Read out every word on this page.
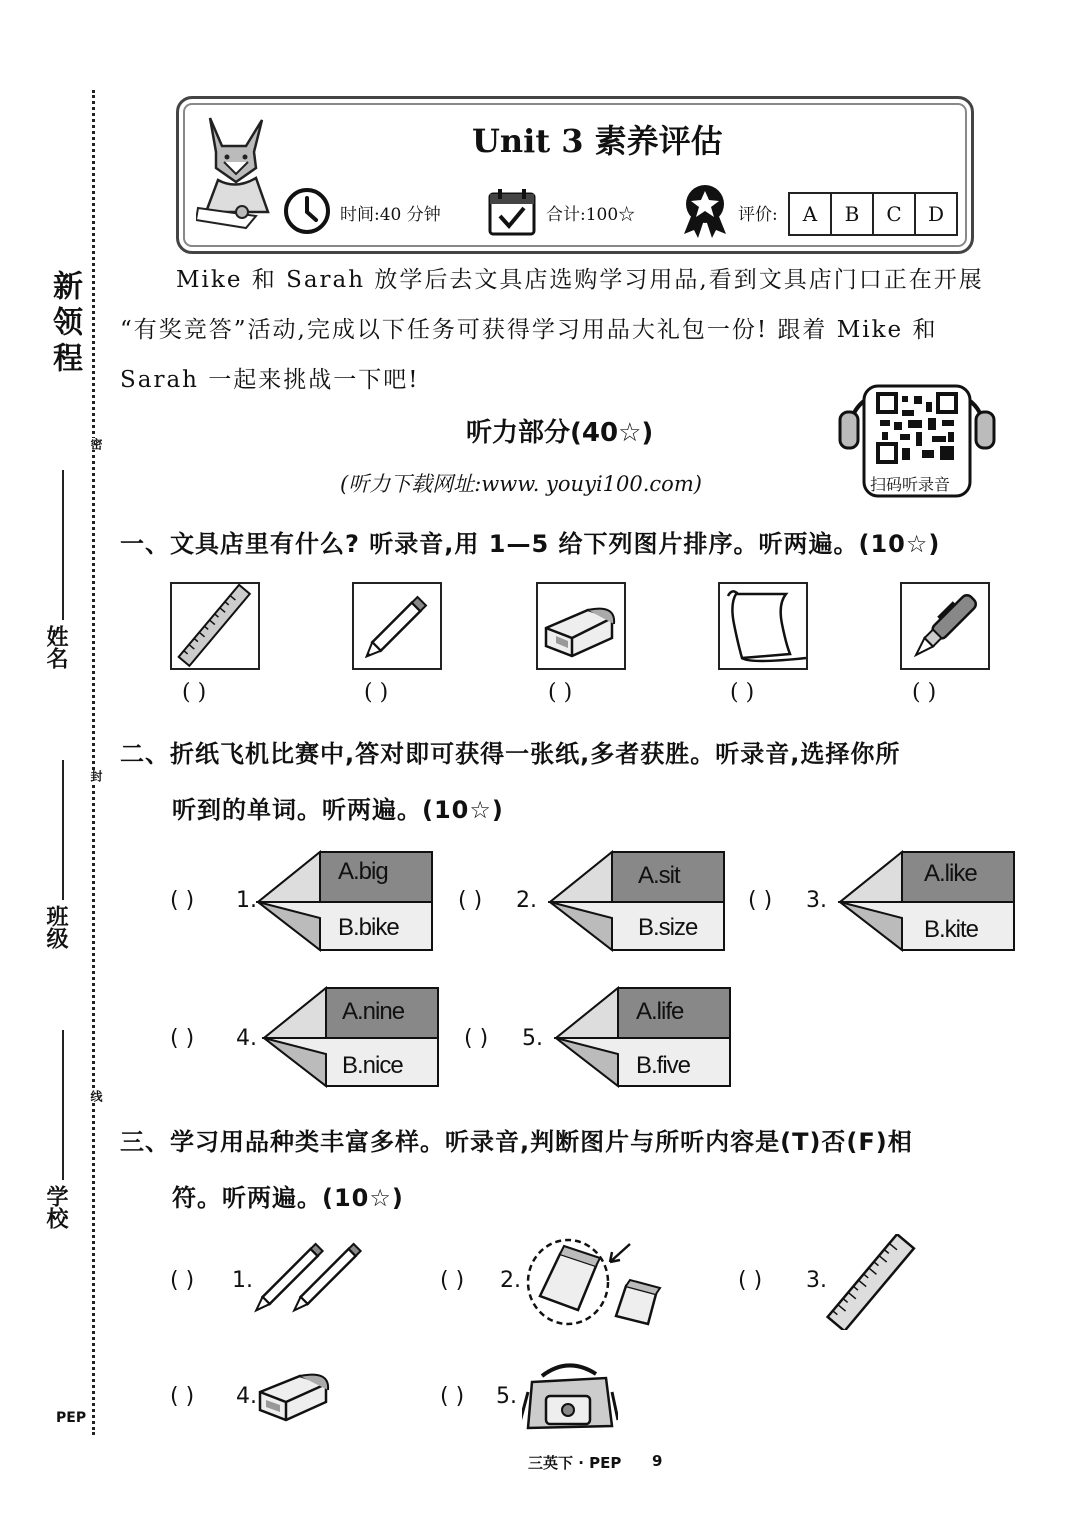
新领程
姓名
班级
学校
密
封
线
PEP
Unit 3 素养评估
时间:40 分钟	合计:100☆	评价:	A	B	C	D
Mike 和 Sarah 放学后去文具店选购学习用品,看到文具店门口正在开展
“有奖竞答”活动,完成以下任务可获得学习用品大礼包一份! 跟着 Mike 和
Sarah 一起来挑战一下吧!
听力部分(40☆)
(听力下载网址:www. youyi100.com)	扫码听录音
一、文具店里有什么? 听录音,用 1—5 给下列图片排序。听两遍。(10☆)
( )	( )	( )	( )	( )
二、折纸飞机比赛中,答对即可获得一张纸,多者获胜。听录音,选择你所
听到的单词。听两遍。(10☆)
( ) 1.
A.big
B.bike
( ) 2.
A.sit
B.size
( ) 3.
A.like
B.kite
( ) 4.
A.nine
B.nice
( ) 5.
A.life
B.five
三、学习用品种类丰富多样。听录音,判断图片与所听内容是(T)否(F)相
符。听两遍。(10☆)
( ) 1.	( ) 2.	( ) 3.
( ) 4.	( ) 5.
三英下 · PEP 9
